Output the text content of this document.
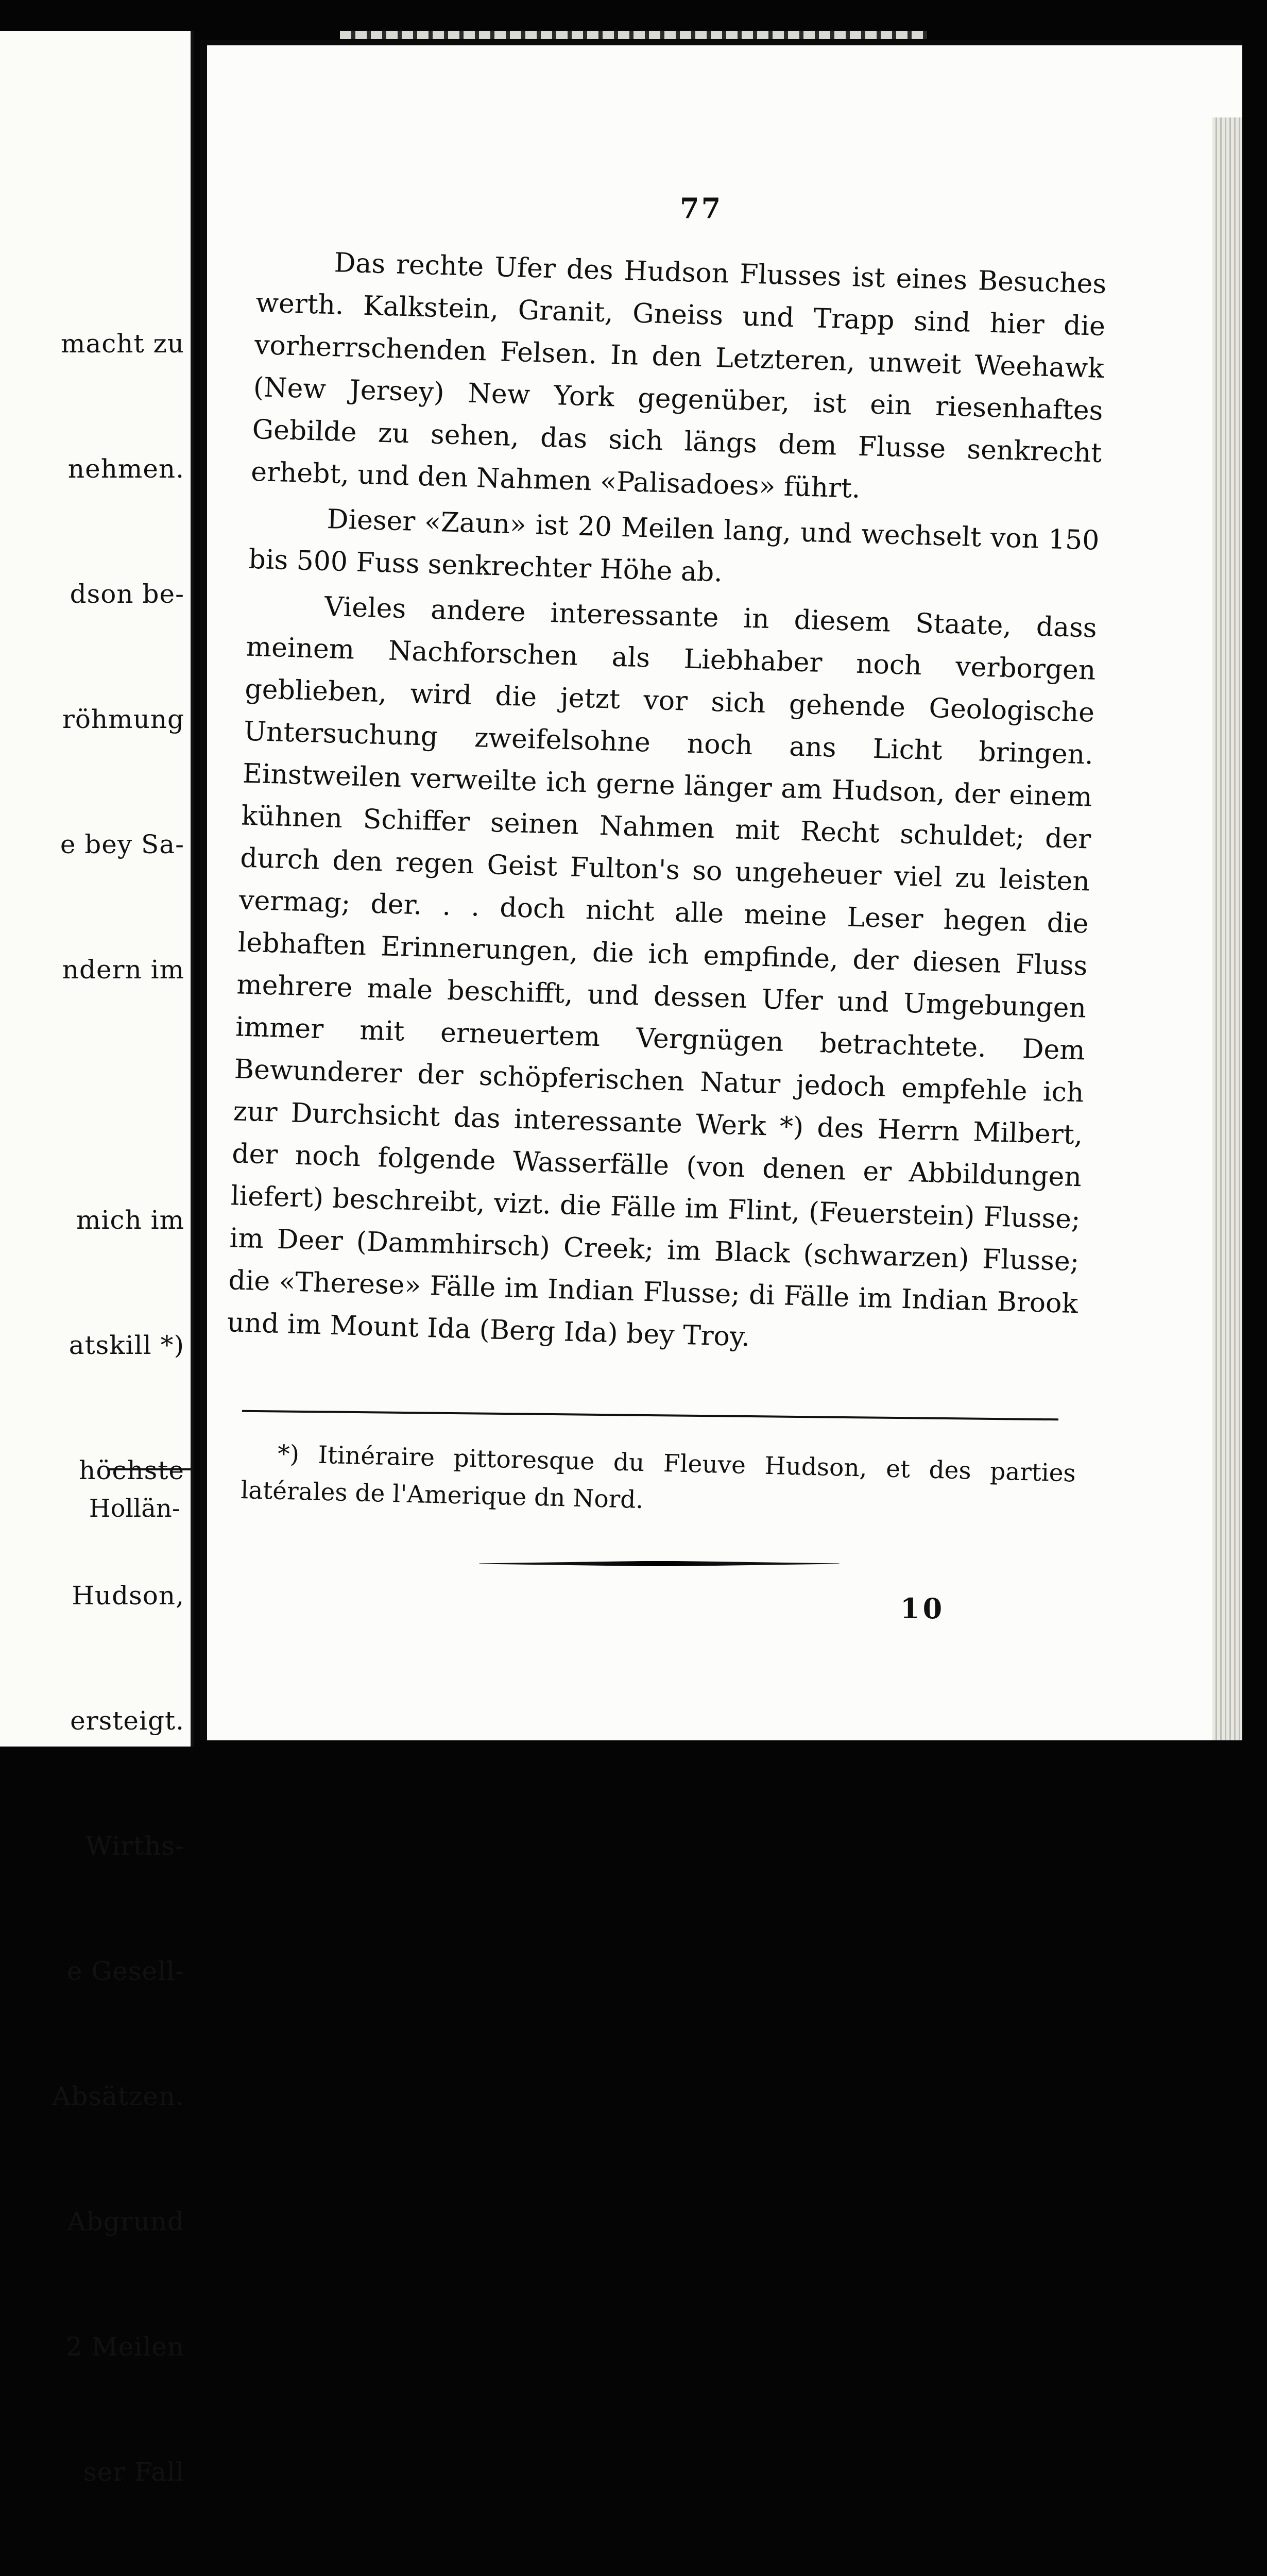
macht zu

nehmen.

dson be-

röhmung

e bey Sa-

ndern im

mich im

atskill *)

höchste

Hudson,

ersteigt.

Wirths-

e Gesell-

Absätzen.

Abgrund

2 Meilen

ser Fall

Hollän-
77

Das rechte Ufer des Hudson Flusses ist eines Besuches werth. Kalkstein, Granit, Gneiss und Trapp sind hier die vorherrschenden Felsen. In den Letzteren, unweit Weehawk (New Jersey) New York gegenüber, ist ein riesenhaftes Gebilde zu sehen, das sich längs dem Flusse senkrecht erhebt, und den Nahmen «Palisadoes» führt.

Dieser «Zaun» ist 20 Meilen lang, und wechselt von 150 bis 500 Fuss senkrechter Höhe ab.

Vieles andere interessante in diesem Staate, dass meinem Nachforschen als Liebhaber noch verborgen geblieben, wird die jetzt vor sich gehende Geologische Untersuchung zweifelsohne noch ans Licht bringen. Einstweilen verweilte ich gerne länger am Hudson, der einem kühnen Schiffer seinen Nahmen mit Recht schuldet; der durch den regen Geist Fulton's so ungeheuer viel zu leisten vermag; der. . . doch nicht alle meine Leser hegen die lebhaften Erinnerungen, die ich empfinde, der diesen Fluss mehrere male beschifft, und dessen Ufer und Umgebungen immer mit erneuertem Vergnügen betrachtete. Dem Bewunderer der schöpferischen Natur jedoch empfehle ich zur Durchsicht das interessante Werk *) des Herrn Milbert, der noch folgende Wasserfälle (von denen er Abbildungen liefert) beschreibt, vizt. die Fälle im Flint, (Feuerstein) Flusse; im Deer (Dammhirsch) Creek; im Black (schwarzen) Flusse; die «Therese» Fälle im Indian Flusse; di Fälle im Indian Brook und im Mount Ida (Berg Ida) bey Troy.

*) Itinéraire pittoresque du Fleuve Hudson, et des parties latérales de l'Amerique dn Nord.
10
